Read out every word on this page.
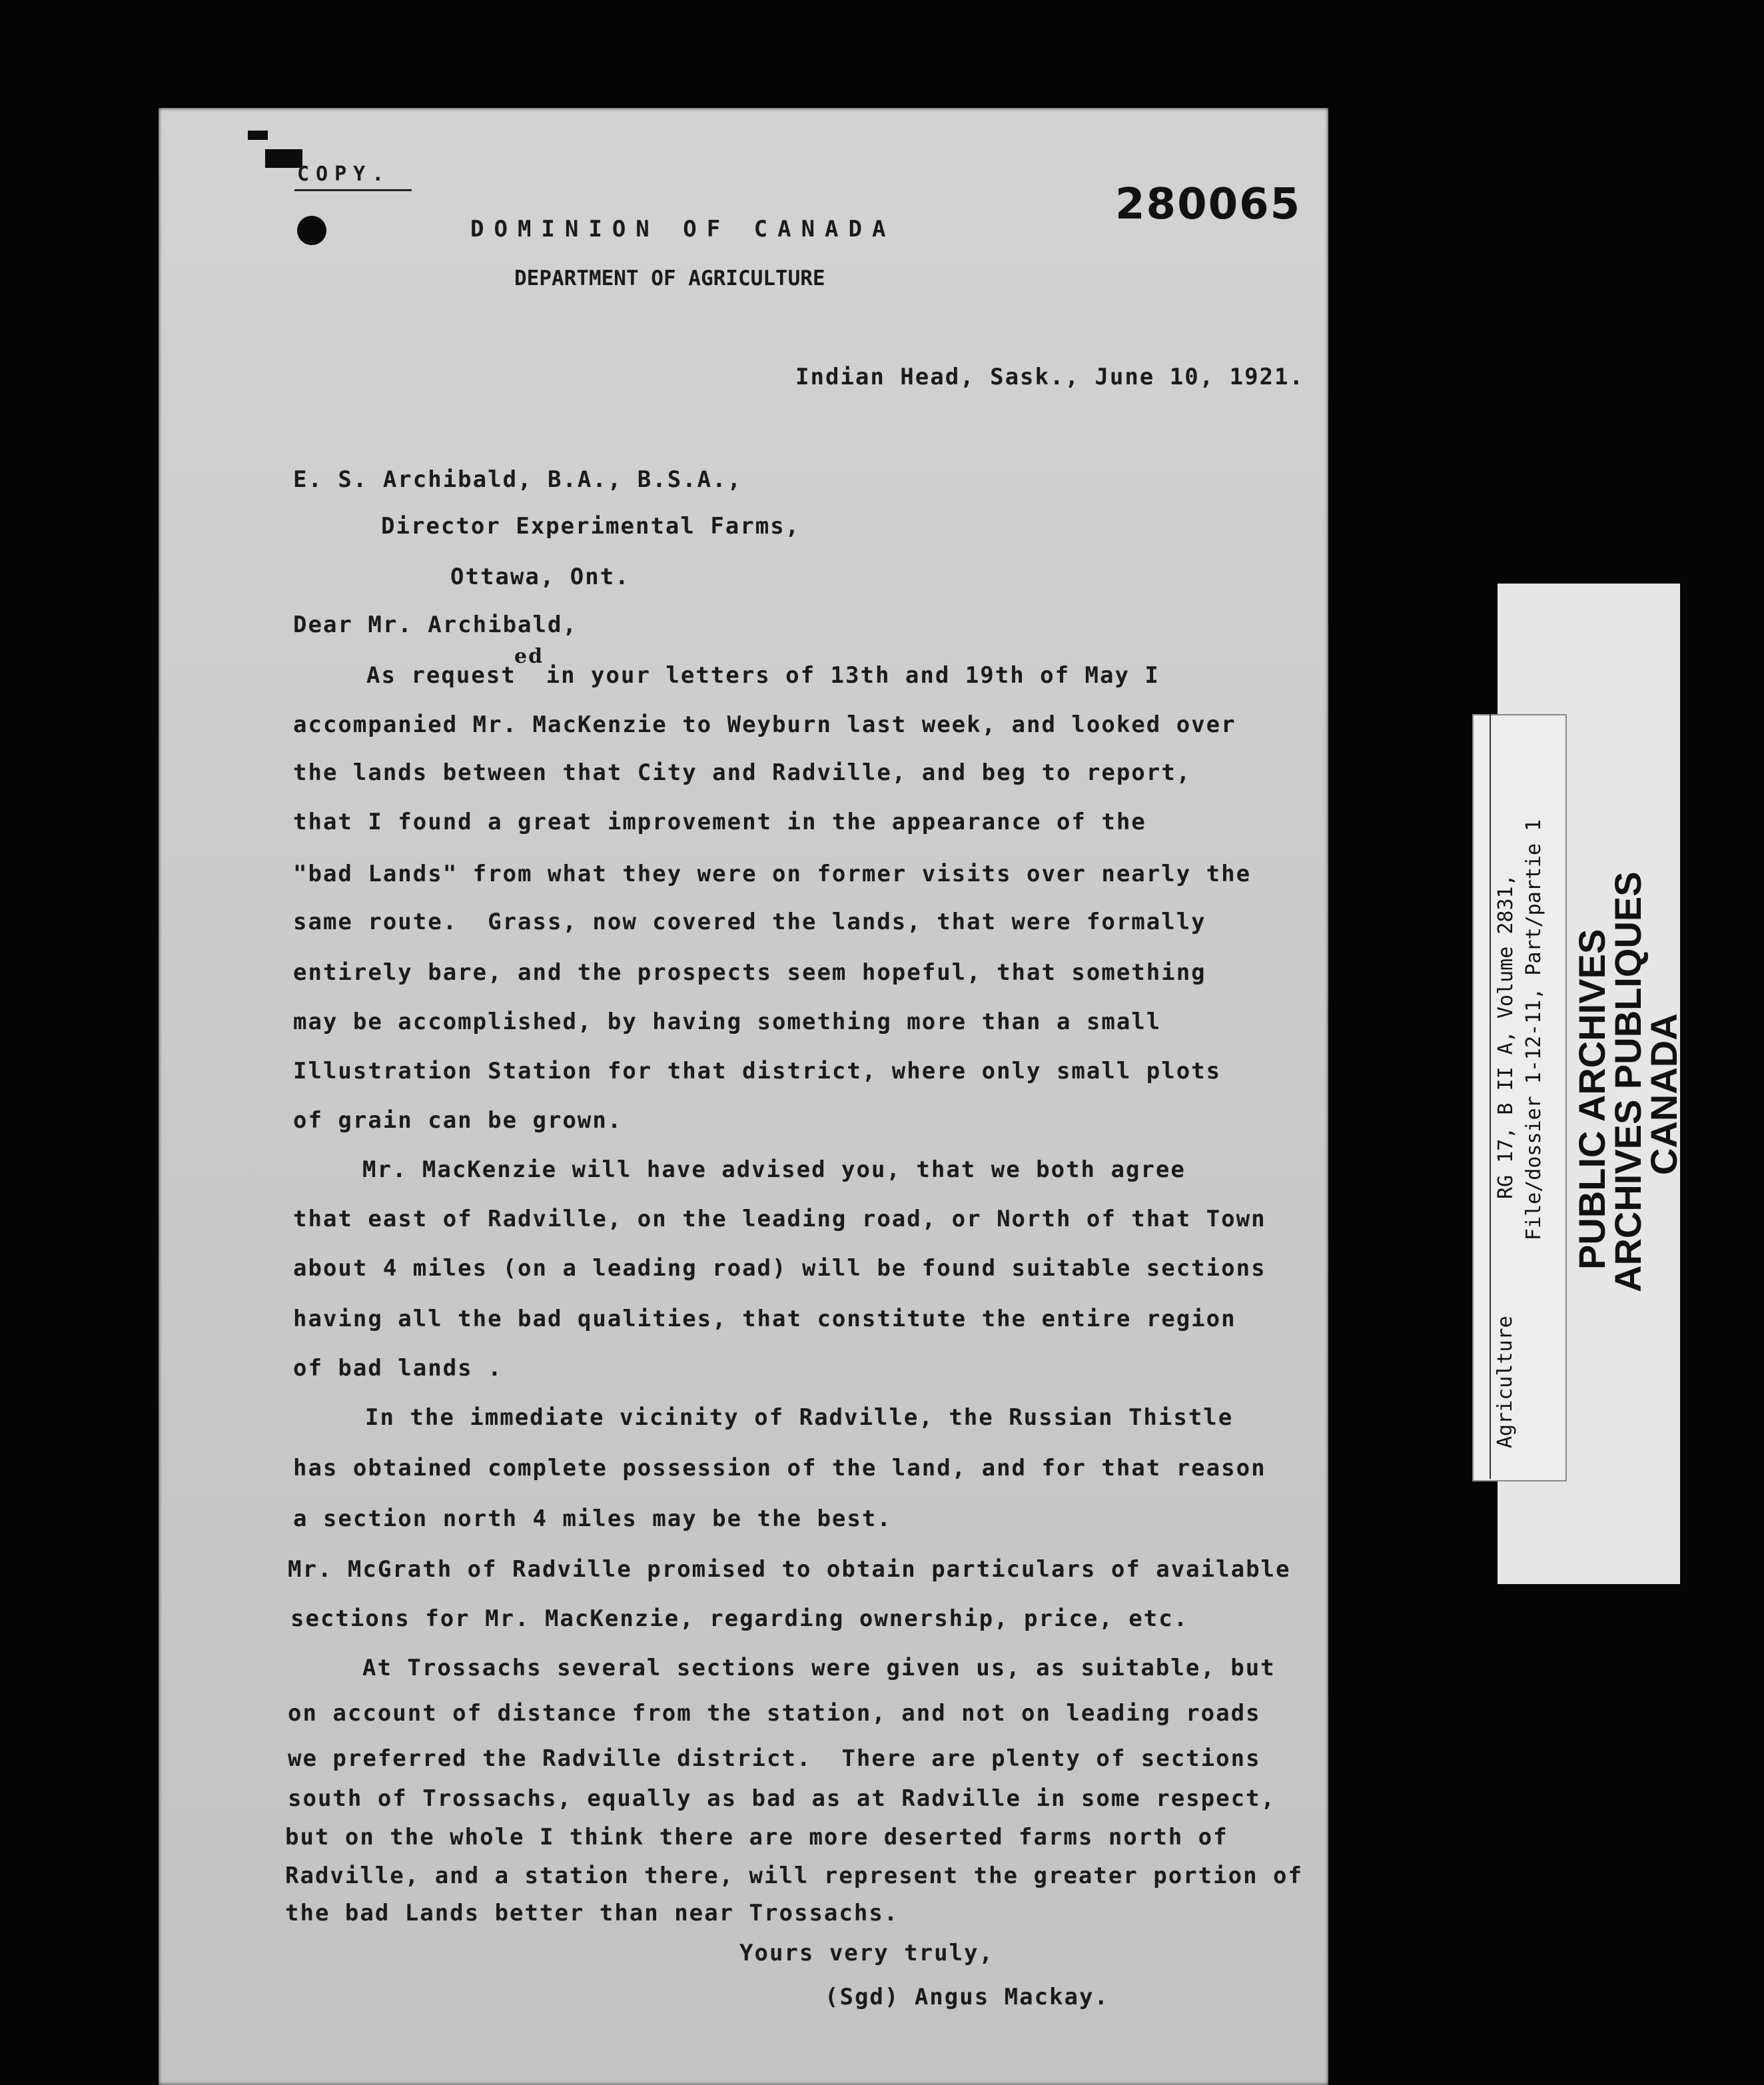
COPY.
280065
DOMINION OF CANADA
DEPARTMENT OF AGRICULTURE
Indian Head, Sask., June 10, 1921.
E. S. Archibald, B.A., B.S.A.,
Director Experimental Farms,
Ottawa, Ont.
Dear Mr. Archibald,
As request  in your letters of 13th and 19th of May I
ed
accompanied Mr. MacKenzie to Weyburn last week, and looked over
the lands between that City and Radville, and beg to report,
that I found a great improvement in the appearance of the
"bad Lands" from what they were on former visits over nearly the
same route.  Grass, now covered the lands, that were formally
entirely bare, and the prospects seem hopeful, that something
may be accomplished, by having something more than a small
Illustration Station for that district, where only small plots
of grain can be grown.
Mr. MacKenzie will have advised you, that we both agree
that east of Radville, on the leading road, or North of that Town
about 4 miles (on a leading road) will be found suitable sections
having all the bad qualities, that constitute the entire region
of bad lands .
In the immediate vicinity of Radville, the Russian Thistle
has obtained complete possession of the land, and for that reason
a section north 4 miles may be the best.
Mr. McGrath of Radville promised to obtain particulars of available
sections for Mr. MacKenzie, regarding ownership, price, etc.
At Trossachs several sections were given us, as suitable, but
on account of distance from the station, and not on leading roads
we preferred the Radville district.  There are plenty of sections
south of Trossachs, equally as bad as at Radville in some respect,
but on the whole I think there are more deserted farms north of
Radville, and a station there, will represent the greater portion of
the bad Lands better than near Trossachs.
Yours very truly,
(Sgd) Angus Mackay.
PUBLIC ARCHIVES
ARCHIVES PUBLIQUES
CANADA
RG 17, B II A, Volume 2831, File/dossier 1-12-11, Part/partie 1
Agriculture
